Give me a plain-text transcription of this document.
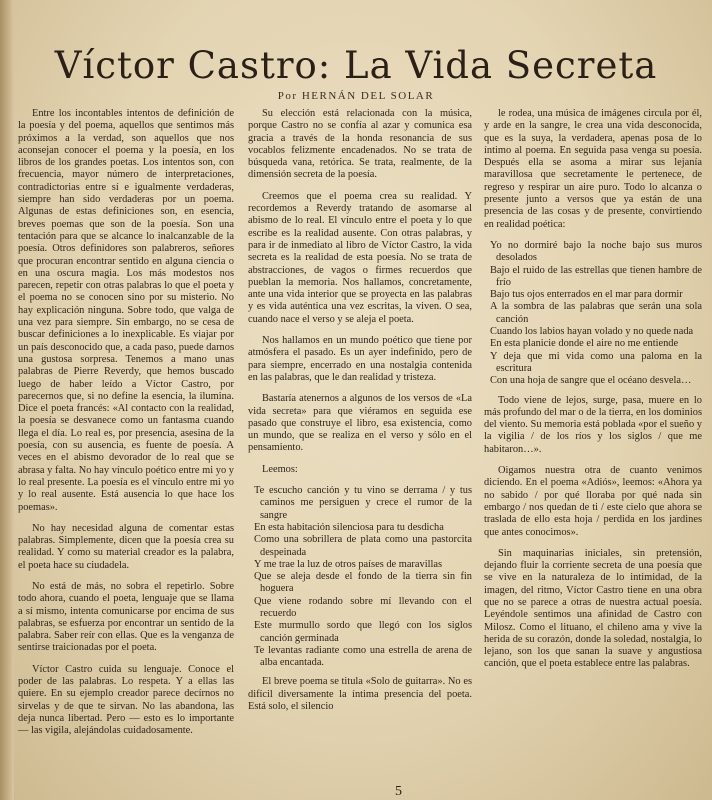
Víctor Castro: La Vida Secreta
Por HERNÁN DEL SOLAR

Entre los incontables intentos de definición de la poesía y del poema, aquellos que sentimos más próximos a la verdad, son aquellos que nos aconsejan conocer el poema y la poesía, en los libros de los grandes poetas. Los intentos son, con frecuencia, mayor número de interpretaciones, contradictorias entre sí e igualmente verdaderas, siempre han sido verdaderas por un poema. Algunas de estas definiciones son, en esencia, breves poemas que son de la poesía. Son una tentación para que se alcance lo inalcanzable de la poesía. Otros definidores son palabreros, señores que procuran encontrar sentido en alguna ciencia o en una oscura magia. Los más modestos nos parecen, repetir con otras palabras lo que el poeta y el poema no se conocen sino por su misterio. No hay explicación ninguna. Sobre todo, que valga de una vez para siempre. Sin embargo, no se cesa de buscar definiciones a lo inexplicable. Es viajar por un país desconocido que, a cada paso, puede darnos una gustosa sorpresa. Tenemos a mano unas palabras de Pierre Reverdy, que hemos buscado luego de haber leído a Víctor Castro, por parecernos que, si no define la esencia, la ilumina. Dice el poeta francés: «Al contacto con la realidad, la poesía se desvanece como un fantasma cuando llega el día. Lo real es, por presencia, asesina de la poesía, con su ausencia, es fuente de poesía. A veces en el abismo devorador de lo real que se abrasa y falta. No hay vínculo poético entre mi yo y lo real presente. La poesía es el vínculo entre mi yo y lo real ausente. Está ausencia lo que hace los poemas».

No hay necesidad alguna de comentar estas palabras. Simplemente, dicen que la poesía crea su realidad. Y como su material creador es la palabra, el poeta hace su ciudadela.

No está de más, no sobra el repetirlo. Sobre todo ahora, cuando el poeta, lenguaje que se llama a sí mismo, intenta comunicarse por encima de sus palabras, se esfuerza por encontrar un sentido de la palabra. Saber reír con ellas. Que es la venganza de sentirse traicionadas por el poeta.

Víctor Castro cuida su lenguaje. Conoce el poder de las palabras. Lo respeta. Y a ellas las quiere. En su ejemplo creador parece decírnos no sirvelas y de que te sirvan. No las abandona, las deja nunca libertad. Pero — esto es lo importante — las vigila, alejándolas cuidadosamente.

Su elección está relacionada con la música, porque Castro no se confía al azar y comunica esa gracia a través de la honda resonancia de sus vocablos felizmente encadenados. No se trata de búsqueda vana, retórica. Se trata, realmente, de la dimensión secreta de la poesía.

Creemos que el poema crea su realidad. Y recordemos a Reverdy tratando de asomarse al abismo de lo real. El vínculo entre el poeta y lo que escribe es la realidad ausente. Con otras palabras, y para ir de inmediato al libro de Víctor Castro, la vida secreta es la realidad de esta poesía. No se trata de abstracciones, de vagos o firmes recuerdos que pueblan la memoria. Nos hallamos, concretamente, ante una vida interior que se proyecta en las palabras y es vida auténtica una vez escritas, la viven. O sea, cuando nace el verso y se aleja el poeta.

Nos hallamos en un mundo poético que tiene por atmósfera el pasado. Es un ayer indefinido, pero de para siempre, encerrado en una nostalgia contenida en las palabras, que le dan realidad y tristeza.

Bastaría atenernos a algunos de los versos de «La vida secreta» para que viéramos en seguida ese pasado que construye el libro, esa existencia, como un mundo, que se realiza en el verso y sólo en el pensamiento.

Leemos:

Te escucho canción y tu vino se derrama / y tus caminos me persiguen y crece el rumor de la sangre
En esta habitación silenciosa para tu desdicha
Como una sobrillera de plata como una pastorcita despeinada
Y me trae la luz de otros países de maravillas
Que se aleja desde el fondo de la tierra sin fin hoguera
Que viene rodando sobre mí llevando con el recuerdo
Este murmullo sordo que llegó con los siglos canción germinada
Te levantas radiante como una estrella de arena de alba encantada.

El breve poema se titula «Solo de guitarra». No es difícil diversamente la íntima presencia del poeta. Está solo, el silencio

le rodea, una música de imágenes circula por él, y arde en la sangre, le crea una vida desconocida, que es la suya, la verdadera, apenas posa de lo íntimo al poema. En seguida pasa venga su poesía. Después ella se asoma a mirar sus lejanía maravillosa que secretamente le pertenece, de regreso y respirar un aire puro. Todo lo alcanza o presente junto a versos que ya están de una presencia de las cosas y de presente, convirtiendo en realidad poética:

Yo no dormiré bajo la noche bajo sus muros desolados
Bajo el ruido de las estrellas que tienen hambre de frío
Bajo tus ojos enterrados en el mar para dormir
A la sombra de las palabras que serán una sola canción
Cuando los labios hayan volado y no quede nada
En esta planicie donde el aire no me entiende
Y deja que mi vida como una paloma en la escritura
Con una hoja de sangre que el océano desvela…

Todo viene de lejos, surge, pasa, muere en lo más profundo del mar o de la tierra, en los dominios del viento. Su memoria está poblada «por el sueño y la vigilia / de los ríos y los siglos / que me habitaron…».

Oigamos nuestra otra de cuanto venimos diciendo. En el poema «Adiós», leemos: «Ahora ya no sabido / por qué lloraba por qué nada sin embargo / nos quedan de ti / este cielo que ahora se traslada de ello esta hoja / perdida en los jardines que antes conocimos».

Sin maquinarias iniciales, sin pretensión, dejando fluir la corriente secreta de una poesía que se vive en la naturaleza de lo intimidad, de la imagen, del ritmo, Víctor Castro tiene en una obra que no se parece a otras de nuestra actual poesía. Leyéndole sentimos una afinidad de Castro con Milosz. Como el lituano, el chileno ama y vive la herida de su corazón, donde la soledad, nostalgia, lo lejano, son los que sanan la suave y angustiosa canción, que el poeta establece entre las palabras.

5
